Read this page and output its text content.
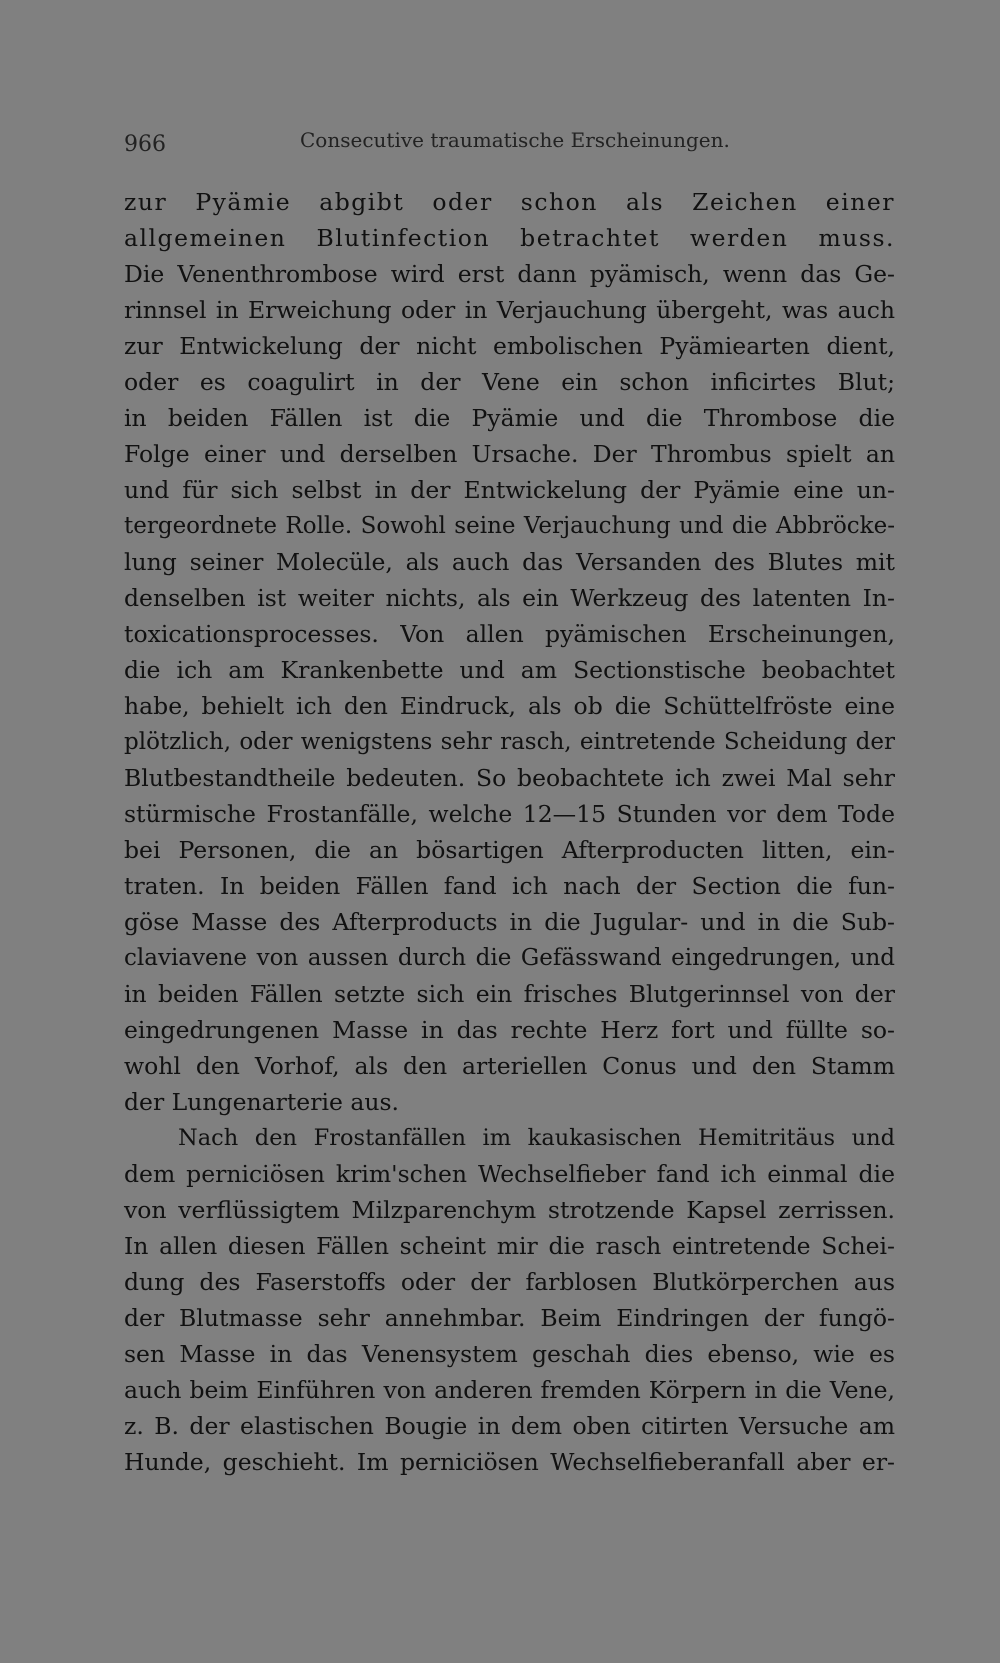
966	Consecutive traumatische Erscheinungen.
zur Pyämie abgibt oder schon als Zeichen einer
allgemeinen Blutinfection betrachtet werden muss.
Die Venenthrombose wird erst dann pyämisch, wenn das Ge-
rinnsel in Erweichung oder in Verjauchung übergeht, was auch
zur Entwickelung der nicht embolischen Pyämiearten dient,
oder es coagulirt in der Vene ein schon inficirtes Blut;
in beiden Fällen ist die Pyämie und die Thrombose die
Folge einer und derselben Ursache. Der Thrombus spielt an
und für sich selbst in der Entwickelung der Pyämie eine un-
tergeordnete Rolle. Sowohl seine Verjauchung und die Abbröcke-
lung seiner Molecüle, als auch das Versanden des Blutes mit
denselben ist weiter nichts, als ein Werkzeug des latenten In-
toxicationsprocesses. Von allen pyämischen Erscheinungen,
die ich am Krankenbette und am Sectionstische beobachtet
habe, behielt ich den Eindruck, als ob die Schüttelfröste eine
plötzlich, oder wenigstens sehr rasch, eintretende Scheidung der
Blutbestandtheile bedeuten. So beobachtete ich zwei Mal sehr
stürmische Frostanfälle, welche 12—15 Stunden vor dem Tode
bei Personen, die an bösartigen Afterproducten litten, ein-
traten. In beiden Fällen fand ich nach der Section die fun-
göse Masse des Afterproducts in die Jugular- und in die Sub-
claviavene von aussen durch die Gefässwand eingedrungen, und
in beiden Fällen setzte sich ein frisches Blutgerinnsel von der
eingedrungenen Masse in das rechte Herz fort und füllte so-
wohl den Vorhof, als den arteriellen Conus und den Stamm
der Lungenarterie aus.
Nach den Frostanfällen im kaukasischen Hemitritäus und
dem perniciösen krim'schen Wechselfieber fand ich einmal die
von verflüssigtem Milzparenchym strotzende Kapsel zerrissen.
In allen diesen Fällen scheint mir die rasch eintretende Schei-
dung des Faserstoffs oder der farblosen Blutkörperchen aus
der Blutmasse sehr annehmbar. Beim Eindringen der fungö-
sen Masse in das Venensystem geschah dies ebenso, wie es
auch beim Einführen von anderen fremden Körpern in die Vene,
z. B. der elastischen Bougie in dem oben citirten Versuche am
Hunde, geschieht. Im perniciösen Wechselfieberanfall aber er-
